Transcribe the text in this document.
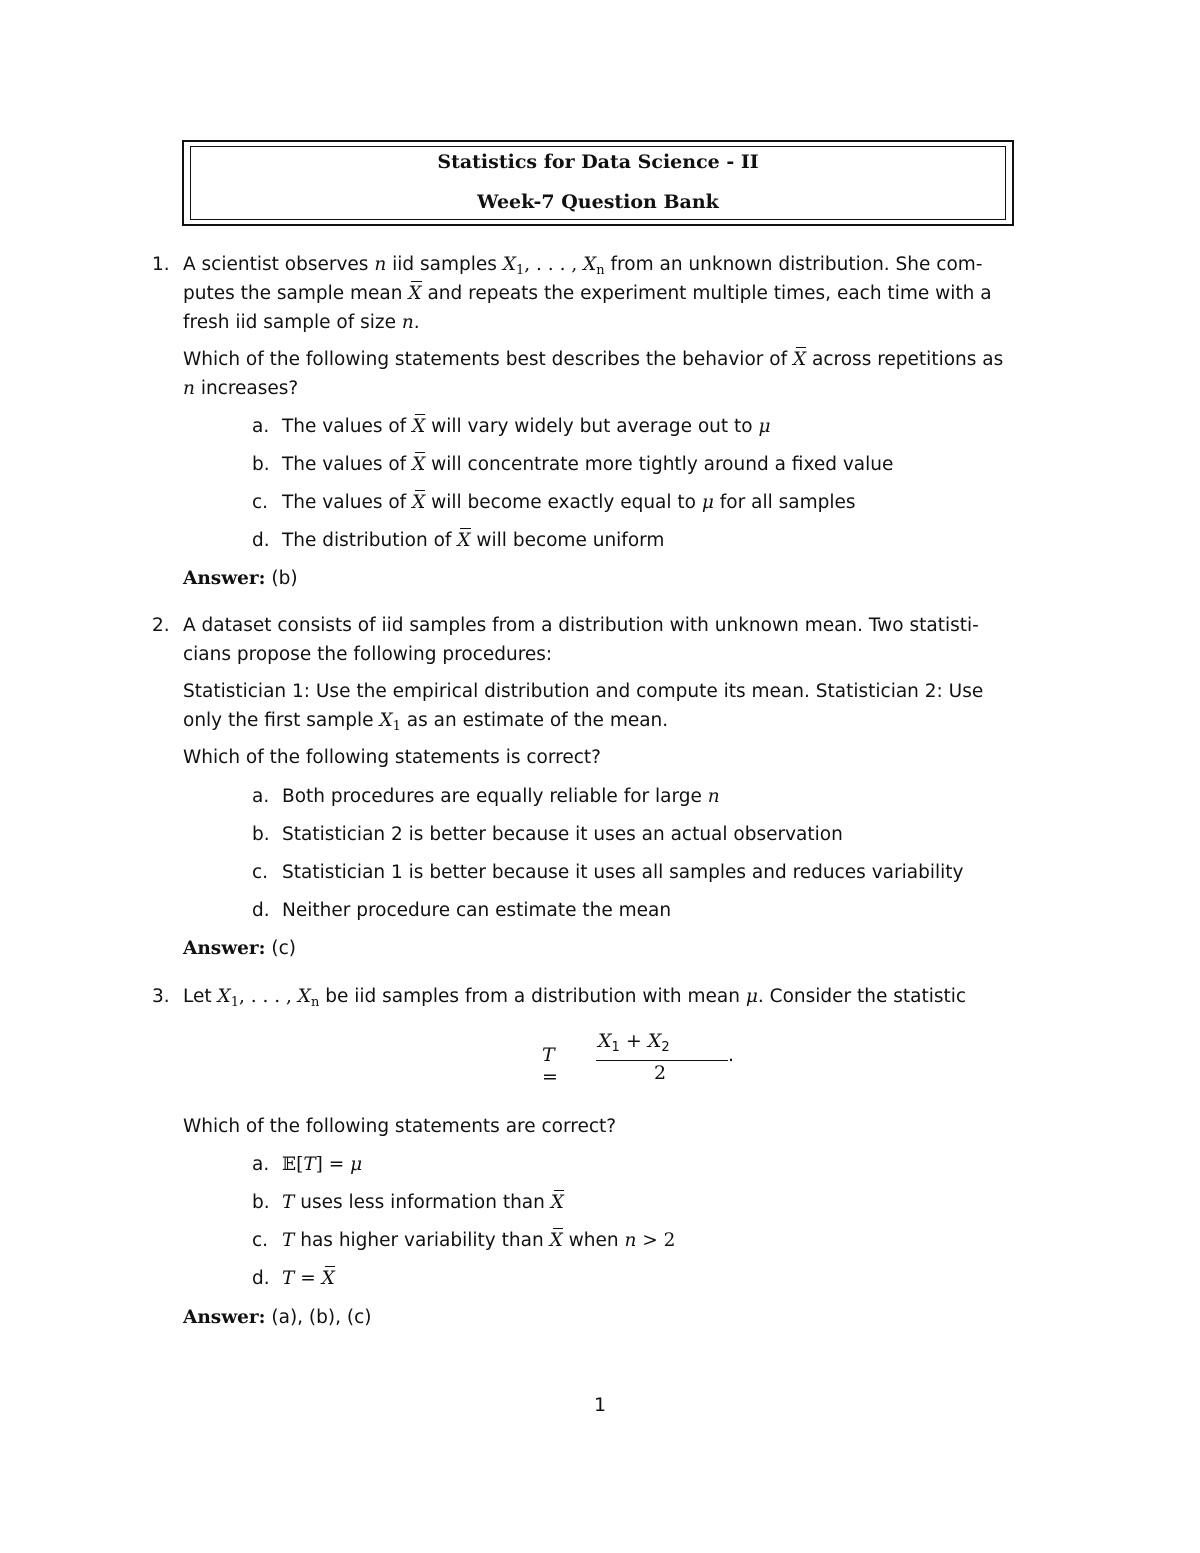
Statistics for Data Science - II
Week-7 Question Bank
1. A scientist observes n iid samples $X_1$, . . . , $X_n$ from an unknown distribution. She com-
putes the sample mean X and repeats the experiment multiple times, each time with a
fresh iid sample of size n.
Which of the following statements best describes the behavior of X across repetitions as
n increases?
a. The values of X will vary widely but average out to μ
b. The values of X will concentrate more tightly around a fixed value
c. The values of X will become exactly equal to μ for all samples
d. The distribution of X will become uniform
Answer: (b)
2. A dataset consists of iid samples from a distribution with unknown mean. Two statisti-
cians propose the following procedures:
Statistician 1: Use the empirical distribution and compute its mean. Statistician 2: Use
only the first sample $X_1$ as an estimate of the mean.
Which of the following statements is correct?
a. Both procedures are equally reliable for large n
b. Statistician 2 is better because it uses an actual observation
c. Statistician 1 is better because it uses all samples and reduces variability
d. Neither procedure can estimate the mean
Answer: (c)
3. Let $X_1$, . . . , $X_n$ be iid samples from a distribution with mean μ. Consider the statistic
T =
$X_1 + X_2$
2
.
Which of the following statements are correct?
a. 𝔼[T] = μ
b. T uses less information than X
c. T has higher variability than X when n > 2
d. T = X
Answer: (a), (b), (c)
1
